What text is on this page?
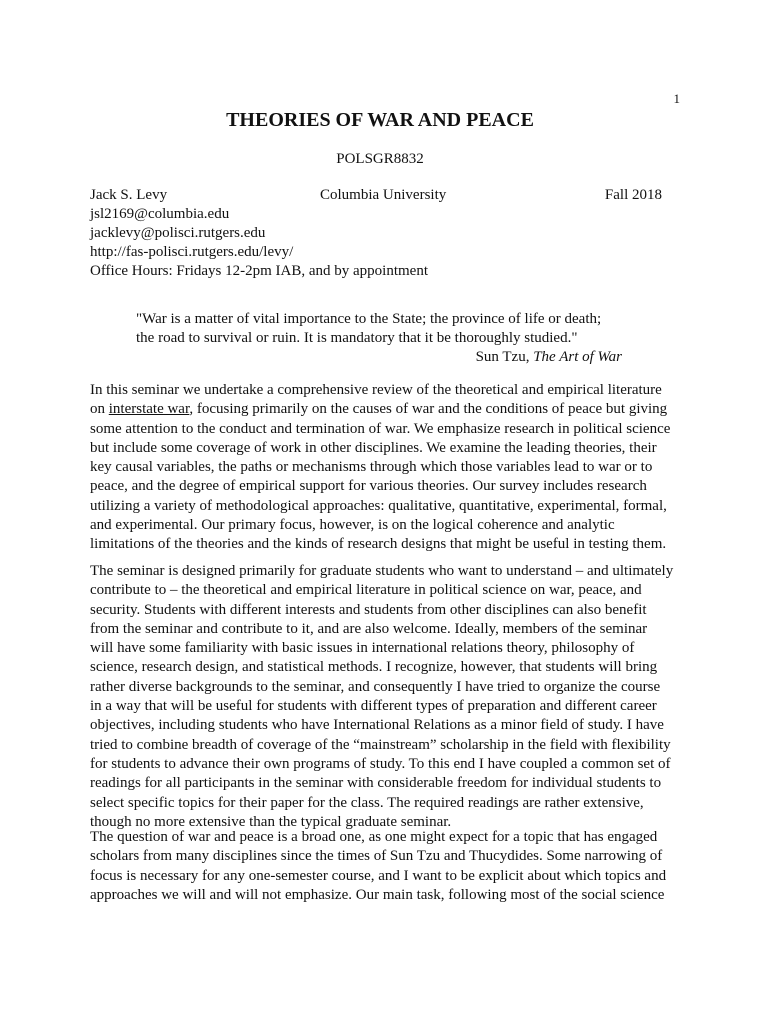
1
THEORIES OF WAR AND PEACE
POLSGR8832
Jack S. Levy	Columbia University	Fall 2018
jsl2169@columbia.edu
jacklevy@polisci.rutgers.edu
http://fas-polisci.rutgers.edu/levy/
Office Hours: Fridays 12-2pm IAB, and by appointment
"War is a matter of vital importance to the State; the province of life or death;
the road to survival or ruin. It is mandatory that it be thoroughly studied."
Sun Tzu, The Art of War
In this seminar we undertake a comprehensive review of the theoretical and empirical literature
on interstate war, focusing primarily on the causes of war and the conditions of peace but giving
some attention to the conduct and termination of war. We emphasize research in political science
but include some coverage of work in other disciplines. We examine the leading theories, their
key causal variables, the paths or mechanisms through which those variables lead to war or to
peace, and the degree of empirical support for various theories. Our survey includes research
utilizing a variety of methodological approaches: qualitative, quantitative, experimental, formal,
and experimental. Our primary focus, however, is on the logical coherence and analytic
limitations of the theories and the kinds of research designs that might be useful in testing them.
The seminar is designed primarily for graduate students who want to understand – and ultimately
contribute to – the theoretical and empirical literature in political science on war, peace, and
security. Students with different interests and students from other disciplines can also benefit
from the seminar and contribute to it, and are also welcome. Ideally, members of the seminar
will have some familiarity with basic issues in international relations theory, philosophy of
science, research design, and statistical methods. I recognize, however, that students will bring
rather diverse backgrounds to the seminar, and consequently I have tried to organize the course
in a way that will be useful for students with different types of preparation and different career
objectives, including students who have International Relations as a minor field of study. I have
tried to combine breadth of coverage of the “mainstream” scholarship in the field with flexibility
for students to advance their own programs of study. To this end I have coupled a common set of
readings for all participants in the seminar with considerable freedom for individual students to
select specific topics for their paper for the class. The required readings are rather extensive,
though no more extensive than the typical graduate seminar.
The question of war and peace is a broad one, as one might expect for a topic that has engaged
scholars from many disciplines since the times of Sun Tzu and Thucydides. Some narrowing of
focus is necessary for any one-semester course, and I want to be explicit about which topics and
approaches we will and will not emphasize. Our main task, following most of the social science
